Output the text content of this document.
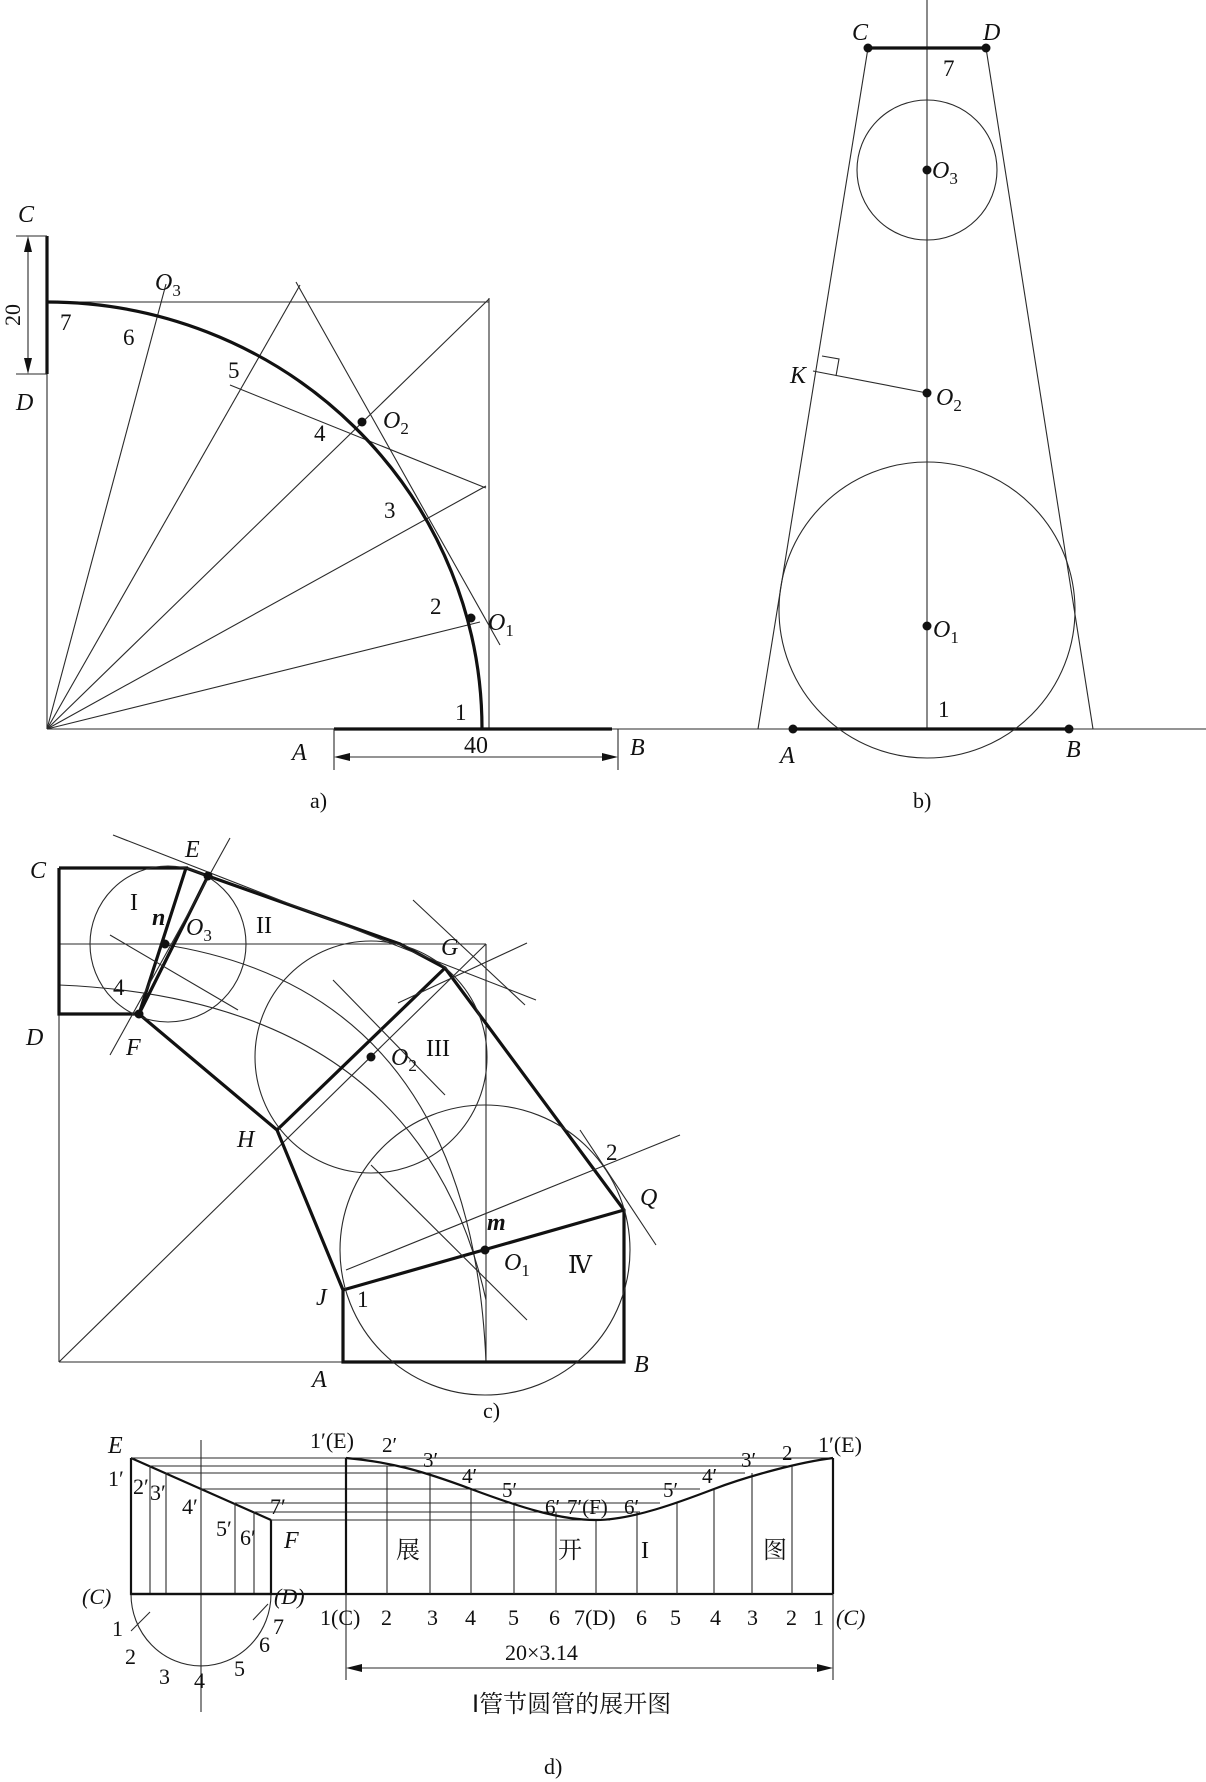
C
D
20
A	B
40
$O_3$
$O_2$
$O_1$
7
6
5
4
3
2
1
a)
C	D
7
1
K
A	B
$O_3$
$O_2$
$O_1$
b)
C
D
E
F
G
H
J
Q
A
B
n
m
4
2
1
I
II
III
Ⅳ
$O_3$
$O_2$
$O_1$
c)
E
F
(C)	(D)
1′ 2′ 3′
4′
5′ 6′
7′
1
2
3 4 5
6
7
1′(E)	1′(E)
2′
3′
4′
5′
6′ 7′(F) 6′
5′
4′
3′ 2
1(C) 2 3 4 5 6 7(D) 6 5 4 3 2 1 (C)
展	开 I	图
20×3.14
I管节圆管的展开图
d)
